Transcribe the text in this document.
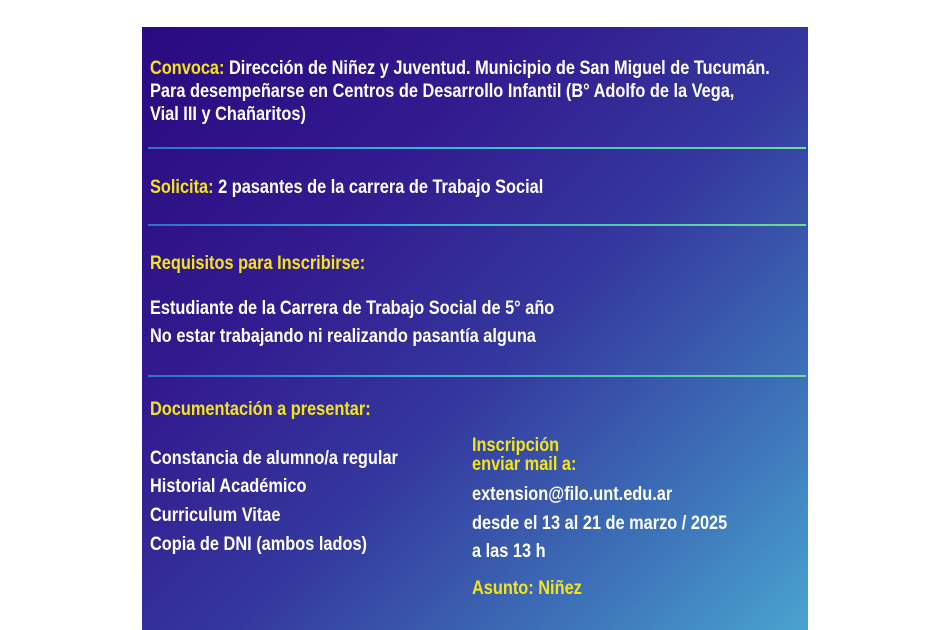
Convoca: Dirección de Niñez y Juventud. Municipio de San Miguel de Tucumán.
Para desempeñarse en Centros de Desarrollo Infantil (B° Adolfo de la Vega,
Vial III y Chañaritos)
Solicita: 2 pasantes de la carrera de Trabajo Social
Requisitos para Inscribirse:
Estudiante de la Carrera de Trabajo Social de 5° año
No estar trabajando ni realizando pasantía alguna
Documentación a presentar:
Constancia de alumno/a regular
Historial Académico
Curriculum Vitae
Copia de DNI (ambos lados)
Inscripción
enviar mail a:
extension@filo.unt.edu.ar
desde el 13 al 21 de marzo / 2025
a las 13 h
Asunto: Niñez
